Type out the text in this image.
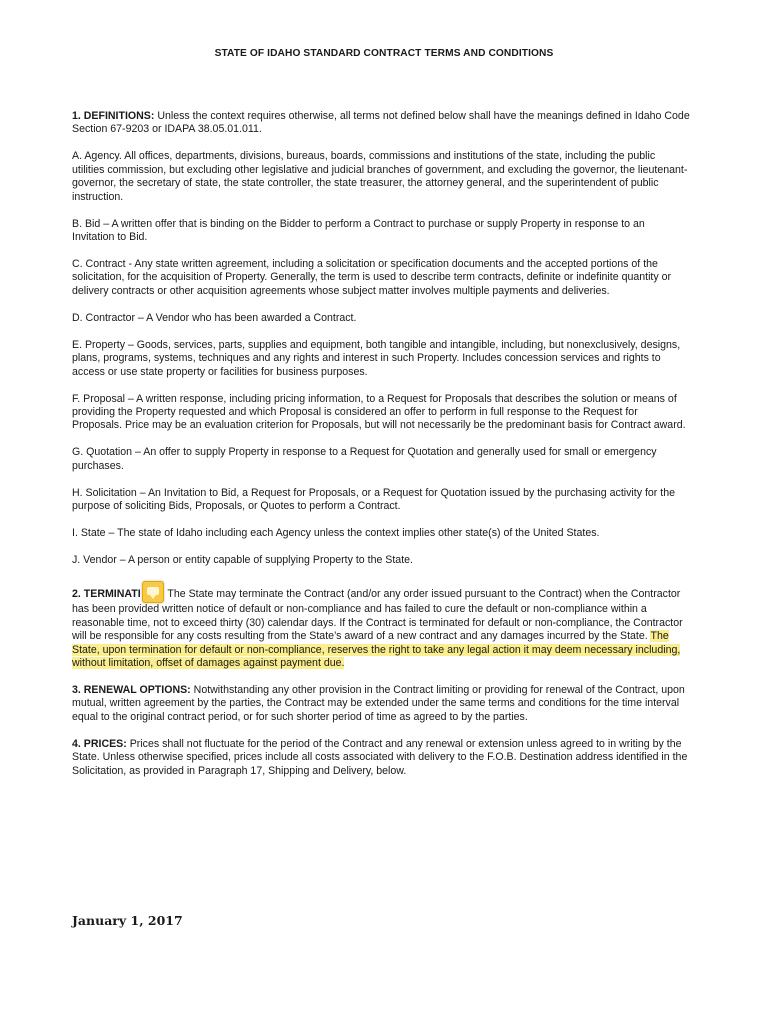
STATE OF IDAHO STANDARD CONTRACT TERMS AND CONDITIONS

1. DEFINITIONS: Unless the context requires otherwise, all terms not defined below shall have the meanings defined in Idaho Code Section 67-9203 or IDAPA 38.05.01.011.

A. Agency. All offices, departments, divisions, bureaus, boards, commissions and institutions of the state, including the public utilities commission, but excluding other legislative and judicial branches of government, and excluding the governor, the lieutenant-governor, the secretary of state, the state controller, the state treasurer, the attorney general, and the superintendent of public instruction.

B. Bid – A written offer that is binding on the Bidder to perform a Contract to purchase or supply Property in response to an Invitation to Bid.

C. Contract - Any state written agreement, including a solicitation or specification documents and the accepted portions of the solicitation, for the acquisition of Property. Generally, the term is used to describe term contracts, definite or indefinite quantity or delivery contracts or other acquisition agreements whose subject matter involves multiple payments and deliveries.

D. Contractor – A Vendor who has been awarded a Contract.

E. Property – Goods, services, parts, supplies and equipment, both tangible and intangible, including, but nonexclusively, designs, plans, programs, systems, techniques and any rights and interest in such Property. Includes concession services and rights to access or use state property or facilities for business purposes.

F. Proposal – A written response, including pricing information, to a Request for Proposals that describes the solution or means of providing the Property requested and which Proposal is considered an offer to perform in full response to the Request for Proposals. Price may be an evaluation criterion for Proposals, but will not necessarily be the predominant basis for Contract award.

G. Quotation – An offer to supply Property in response to a Request for Quotation and generally used for small or emergency purchases.

H. Solicitation – An Invitation to Bid, a Request for Proposals, or a Request for Quotation issued by the purchasing activity for the purpose of soliciting Bids, Proposals, or Quotes to perform a Contract.

I. State – The state of Idaho including each Agency unless the context implies other state(s) of the United States.

J. Vendor – A person or entity capable of supplying Property to the State.

2. TERMINATI The State may terminate the Contract (and/or any order issued pursuant to the Contract) when the Contractor has been provided written notice of default or non-compliance and has failed to cure the default or non-compliance within a reasonable time, not to exceed thirty (30) calendar days. If the Contract is terminated for default or non-compliance, the Contractor will be responsible for any costs resulting from the State’s award of a new contract and any damages incurred by the State. The State, upon termination for default or non-compliance, reserves the right to take any legal action it may deem necessary including, without limitation, offset of damages against payment due.

3. RENEWAL OPTIONS: Notwithstanding any other provision in the Contract limiting or providing for renewal of the Contract, upon mutual, written agreement by the parties, the Contract may be extended under the same terms and conditions for the time interval equal to the original contract period, or for such shorter period of time as agreed to by the parties.

4. PRICES: Prices shall not fluctuate for the period of the Contract and any renewal or extension unless agreed to in writing by the State. Unless otherwise specified, prices include all costs associated with delivery to the F.O.B. Destination address identified in the Solicitation, as provided in Paragraph 17, Shipping and Delivery, below.

January 1, 2017
